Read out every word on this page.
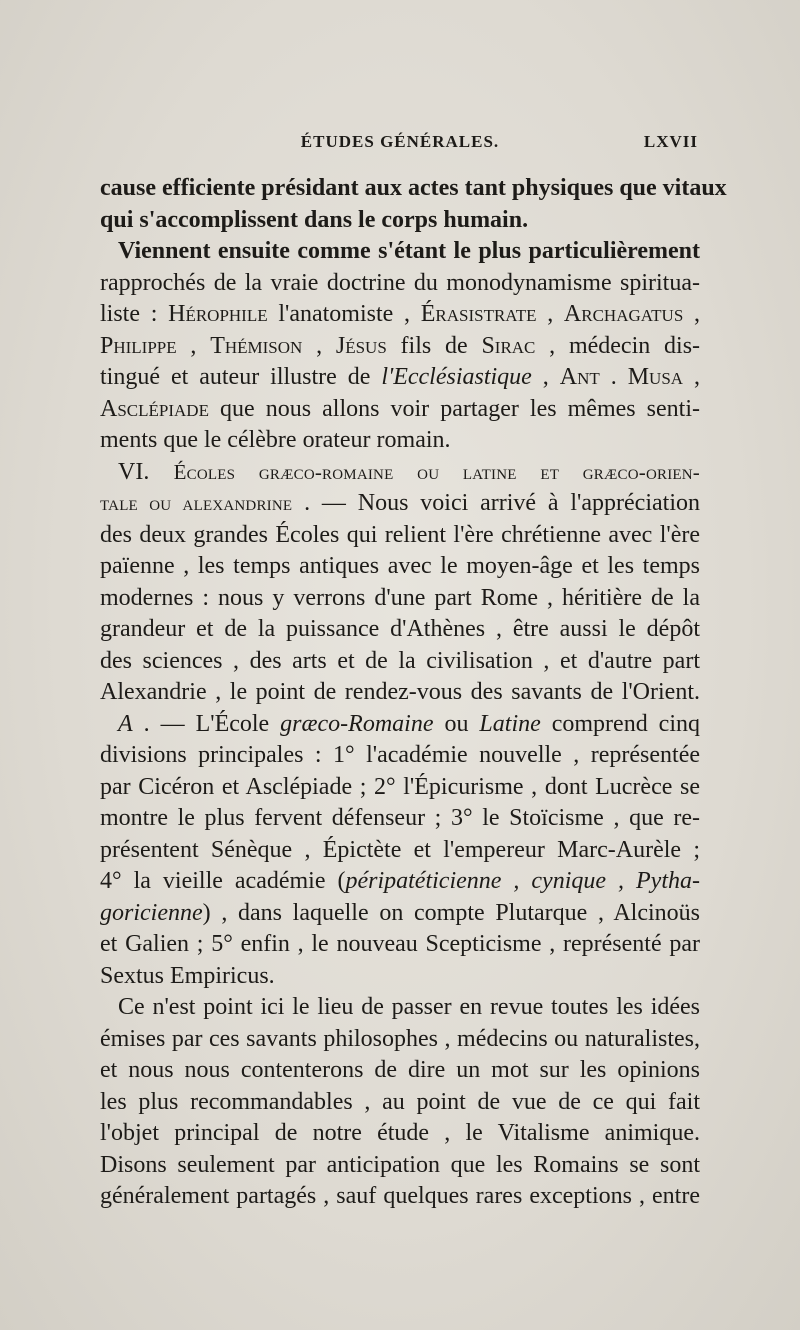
ÉTUDES GÉNÉRALES.	LXVII
cause efficiente présidant aux actes tant physiques que vitaux
qui s'accomplissent dans le corps humain.
Viennent ensuite comme s'étant le plus particulièrement
rapprochés de la vraie doctrine du monodynamisme spiritua-
liste : Hérophile l'anatomiste , Érasistrate , Archagatus ,
Philippe , Thémison , Jésus fils de Sirac , médecin dis-
tingué et auteur illustre de l'Ecclésiastique , Ant . Musa ,
Asclépiade que nous allons voir partager les mêmes senti-
ments que le célèbre orateur romain.
VI. Écoles græco-romaine ou latine et græco-orien-
tale ou alexandrine . — Nous voici arrivé à l'appréciation
des deux grandes Écoles qui relient l'ère chrétienne avec l'ère
païenne , les temps antiques avec le moyen-âge et les temps
modernes : nous y verrons d'une part Rome , héritière de la
grandeur et de la puissance d'Athènes , être aussi le dépôt
des sciences , des arts et de la civilisation , et d'autre part
Alexandrie , le point de rendez-vous des savants de l'Orient.
A . — L'École græco-Romaine ou Latine comprend cinq
divisions principales : 1° l'académie nouvelle , représentée
par Cicéron et Asclépiade ; 2° l'Épicurisme , dont Lucrèce se
montre le plus fervent défenseur ; 3° le Stoïcisme , que re-
présentent Sénèque , Épictète et l'empereur Marc-Aurèle ;
4° la vieille académie (péripatéticienne , cynique , Pytha-
goricienne) , dans laquelle on compte Plutarque , Alcinoüs
et Galien ; 5° enfin , le nouveau Scepticisme , représenté par
Sextus Empiricus.
Ce n'est point ici le lieu de passer en revue toutes les idées
émises par ces savants philosophes , médecins ou naturalistes,
et nous nous contenterons de dire un mot sur les opinions
les plus recommandables , au point de vue de ce qui fait
l'objet principal de notre étude , le Vitalisme animique.
Disons seulement par anticipation que les Romains se sont
généralement partagés , sauf quelques rares exceptions , entre
